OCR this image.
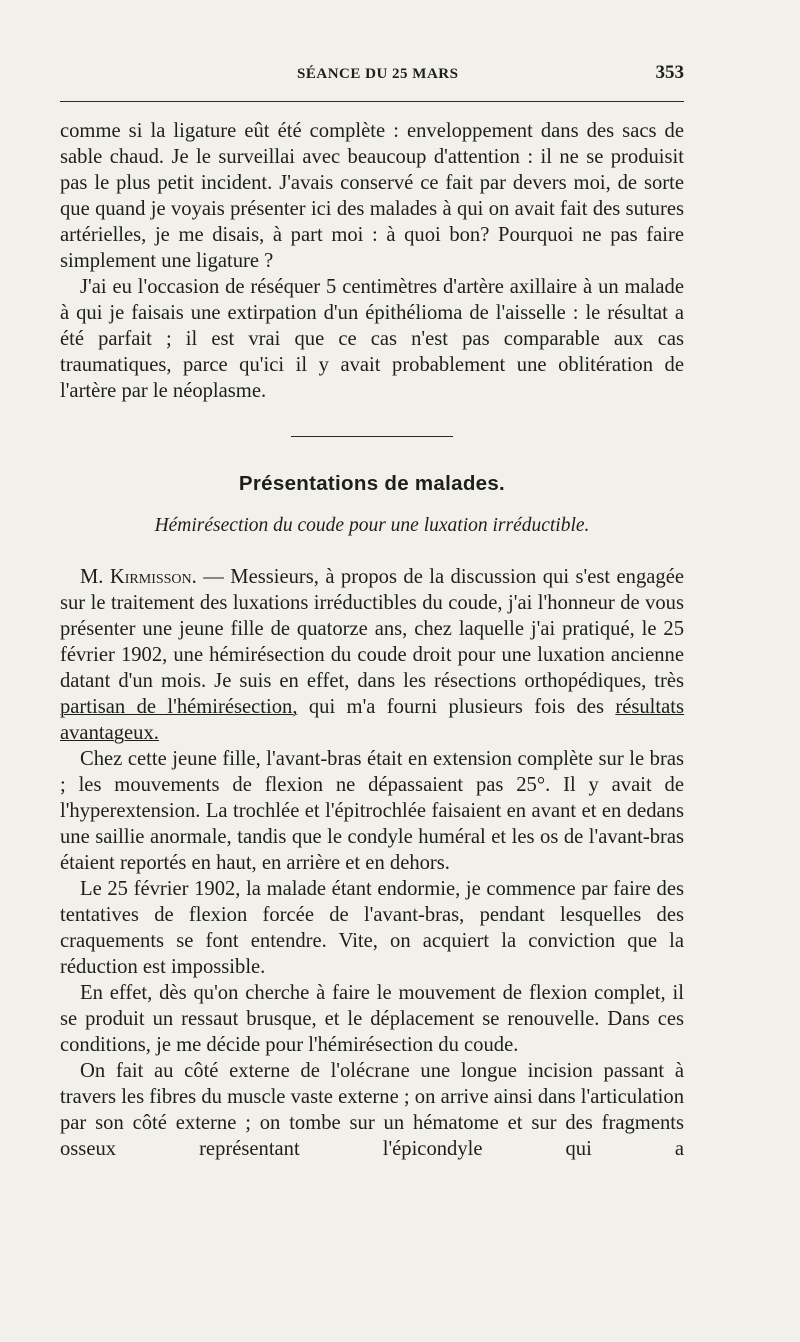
SÉANCE DU 25 MARS	353

comme si la ligature eût été complète : enveloppement dans des sacs de sable chaud. Je le surveillai avec beaucoup d'attention : il ne se produisit pas le plus petit incident. J'avais conservé ce fait par devers moi, de sorte que quand je voyais présenter ici des malades à qui on avait fait des sutures artérielles, je me disais, à part moi : à quoi bon? Pourquoi ne pas faire simplement une ligature ?

J'ai eu l'occasion de réséquer 5 centimètres d'artère axillaire à un malade à qui je faisais une extirpation d'un épithélioma de l'aisselle : le résultat a été parfait ; il est vrai que ce cas n'est pas comparable aux cas traumatiques, parce qu'ici il y avait probablement une oblitération de l'artère par le néoplasme.

Présentations de malades.
Hémirésection du coude pour une luxation irréductible.

M. Kirmisson. — Messieurs, à propos de la discussion qui s'est engagée sur le traitement des luxations irréductibles du coude, j'ai l'honneur de vous présenter une jeune fille de quatorze ans, chez laquelle j'ai pratiqué, le 25 février 1902, une hémirésection du coude droit pour une luxation ancienne datant d'un mois. Je suis en effet, dans les résections orthopédiques, très partisan de l'hémirésection, qui m'a fourni plusieurs fois des résultats avantageux.

Chez cette jeune fille, l'avant-bras était en extension complète sur le bras ; les mouvements de flexion ne dépassaient pas 25°. Il y avait de l'hyperextension. La trochlée et l'épitrochlée faisaient en avant et en dedans une saillie anormale, tandis que le condyle huméral et les os de l'avant-bras étaient reportés en haut, en arrière et en dehors.

Le 25 février 1902, la malade étant endormie, je commence par faire des tentatives de flexion forcée de l'avant-bras, pendant lesquelles des craquements se font entendre. Vite, on acquiert la conviction que la réduction est impossible.

En effet, dès qu'on cherche à faire le mouvement de flexion complet, il se produit un ressaut brusque, et le déplacement se renouvelle. Dans ces conditions, je me décide pour l'hémirésection du coude.

On fait au côté externe de l'olécrane une longue incision passant à travers les fibres du muscle vaste externe ; on arrive ainsi dans l'articulation par son côté externe ; on tombe sur un hématome et sur des fragments osseux représentant l'épicondyle qui a
